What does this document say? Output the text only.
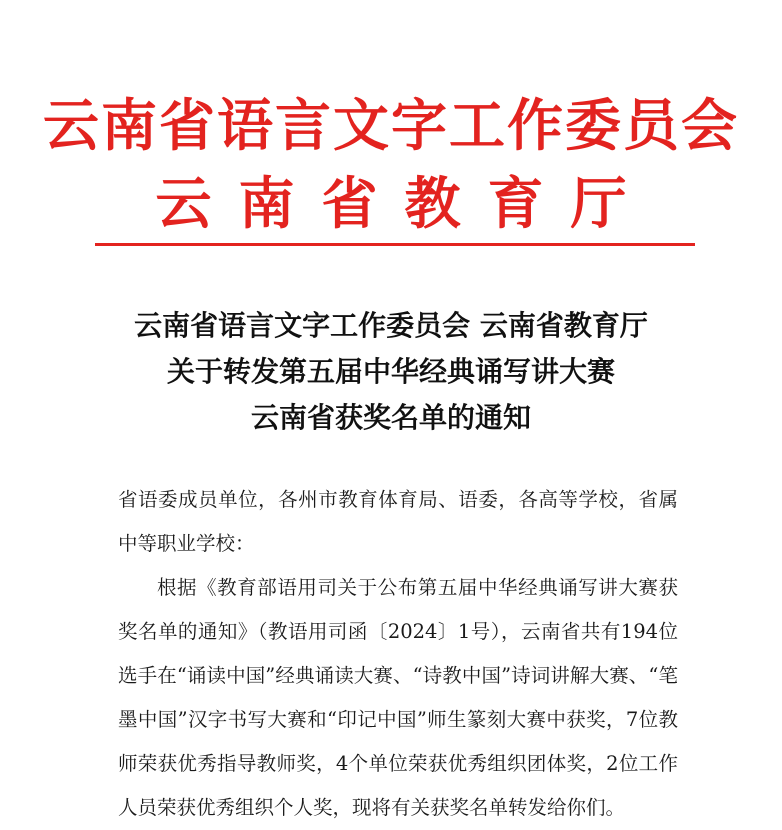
云南省语言文字工作委员会
云南省教育厅
云南省语言文字工作委员会 云南省教育厅
关于转发第五届中华经典诵写讲大赛
云南省获奖名单的通知

省语委成员单位，各州市教育体育局、语委，各高等学校，省属中等职业学校：

根据《教育部语用司关于公布第五届中华经典诵写讲大赛获奖名单的通知》（教语用司函〔2024〕1号），云南省共有194位选手在“诵读中国”经典诵读大赛、“诗教中国”诗词讲解大赛、“笔墨中国”汉字书写大赛和“印记中国”师生篆刻大赛中获奖，7位教师荣获优秀指导教师奖，4个单位荣获优秀组织团体奖，2位工作人员荣获优秀组织个人奖，现将有关获奖名单转发给你们。
